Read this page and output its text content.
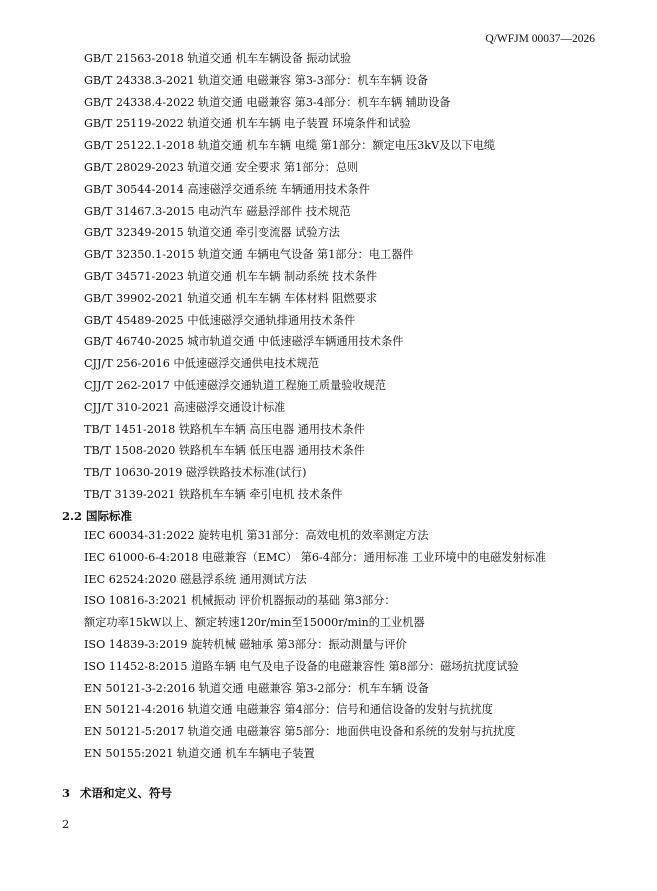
Q/WFJM 00037—2026
GB/T 21563-2018 轨道交通 机车车辆设备 振动试验
GB/T 24338.3-2021 轨道交通 电磁兼容 第3-3部分：机车车辆 设备
GB/T 24338.4-2022 轨道交通 电磁兼容 第3-4部分：机车车辆 辅助设备
GB/T 25119-2022 轨道交通 机车车辆 电子装置 环境条件和试验
GB/T 25122.1-2018 轨道交通 机车车辆 电缆 第1部分：额定电压3kV及以下电缆
GB/T 28029-2023 轨道交通 安全要求 第1部分：总则
GB/T 30544-2014 高速磁浮交通系统 车辆通用技术条件
GB/T 31467.3-2015 电动汽车 磁悬浮部件 技术规范
GB/T 32349-2015 轨道交通 牵引变流器 试验方法
GB/T 32350.1-2015 轨道交通 车辆电气设备 第1部分：电工器件
GB/T 34571-2023 轨道交通 机车车辆 制动系统 技术条件
GB/T 39902-2021 轨道交通 机车车辆 车体材料 阻燃要求
GB/T 45489-2025 中低速磁浮交通轨排通用技术条件
GB/T 46740-2025 城市轨道交通 中低速磁浮车辆通用技术条件
CJJ/T 256-2016 中低速磁浮交通供电技术规范
CJJ/T 262-2017 中低速磁浮交通轨道工程施工质量验收规范
CJJ/T 310-2021 高速磁浮交通设计标准
TB/T 1451-2018 铁路机车车辆 高压电器 通用技术条件
TB/T 1508-2020 铁路机车车辆 低压电器 通用技术条件
TB/T 10630-2019 磁浮铁路技术标准(试行)
TB/T 3139-2021 铁路机车车辆 牵引电机 技术条件
2.2 国际标准
IEC 60034-31:2022 旋转电机 第31部分：高效电机的效率测定方法
IEC 61000-6-4:2018 电磁兼容（EMC） 第6-4部分：通用标准 工业环境中的电磁发射标准
IEC 62524:2020 磁悬浮系统 通用测试方法
ISO 10816-3:2021 机械振动 评价机器振动的基础 第3部分：
额定功率15kW以上、额定转速120r/min至15000r/min的工业机器
ISO 14839-3:2019 旋转机械 磁轴承 第3部分：振动测量与评价
ISO 11452-8:2015 道路车辆 电气及电子设备的电磁兼容性 第8部分：磁场抗扰度试验
EN 50121-3-2:2016 轨道交通 电磁兼容 第3-2部分：机车车辆 设备
EN 50121-4:2016 轨道交通 电磁兼容 第4部分：信号和通信设备的发射与抗扰度
EN 50121-5:2017 轨道交通 电磁兼容 第5部分：地面供电设备和系统的发射与抗扰度
EN 50155:2021 轨道交通 机车车辆电子装置
3 术语和定义、符号
2
